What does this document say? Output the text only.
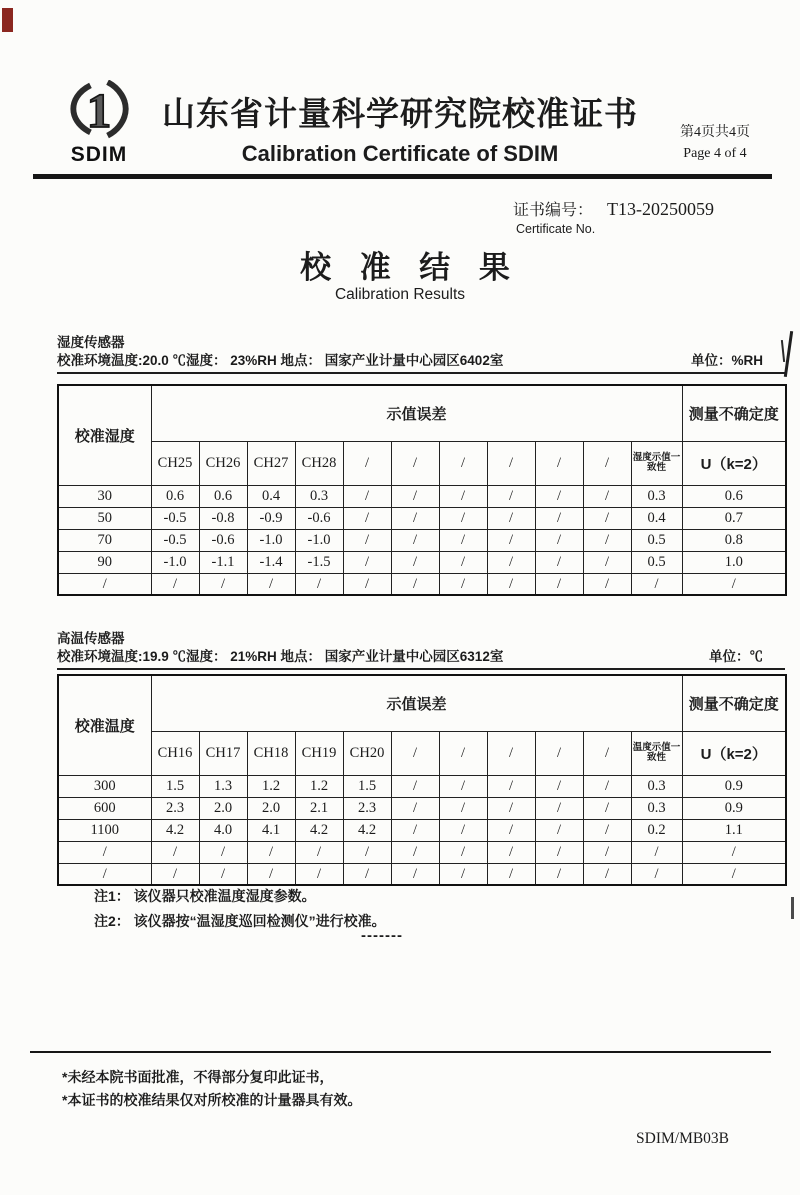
1
SDIM
山东省计量科学研究院校准证书
Calibration Certificate of SDIM
第4页共4页
Page 4 of 4
证书编号： T13-20250059
Certificate No.
校 准 结 果
Calibration Results
湿度传感器
校准环境温度:20.0 ℃湿度： 23%RH 地点： 国家产业计量中心园区6402室	单位：%RH
校准湿度	示值误差											测量不确定度
	CH25	CH26	CH27	CH28	/	/	/	/	/	/	湿度示值一致性	U（k=2）
30	0.6	0.6	0.4	0.3	/	/	/	/	/	/	0.3	0.6
50	-0.5	-0.8	-0.9	-0.6	/	/	/	/	/	/	0.4	0.7
70	-0.5	-0.6	-1.0	-1.0	/	/	/	/	/	/	0.5	0.8
90	-1.0	-1.1	-1.4	-1.5	/	/	/	/	/	/	0.5	1.0
/	/	/	/	/	/	/	/	/	/	/	/	/
高温传感器
校准环境温度:19.9 ℃湿度： 21%RH 地点： 国家产业计量中心园区6312室	单位：℃
校准温度	示值误差											测量不确定度
	CH16	CH17	CH18	CH19	CH20	/	/	/	/	/	温度示值一致性	U（k=2）
300	1.5	1.3	1.2	1.2	1.5	/	/	/	/	/	0.3	0.9
600	2.3	2.0	2.0	2.1	2.3	/	/	/	/	/	0.3	0.9
1100	4.2	4.0	4.1	4.2	4.2	/	/	/	/	/	0.2	1.1
/	/	/	/	/	/	/	/	/	/	/	/	/
/	/	/	/	/	/	/	/	/	/	/	/	/
注1： 该仪器只校准温度湿度参数。
注2： 该仪器按“温湿度巡回检测仪”进行校准。
-------
*未经本院书面批准，不得部分复印此证书，
*本证书的校准结果仅对所校准的计量器具有效。
SDIM/MB03B
